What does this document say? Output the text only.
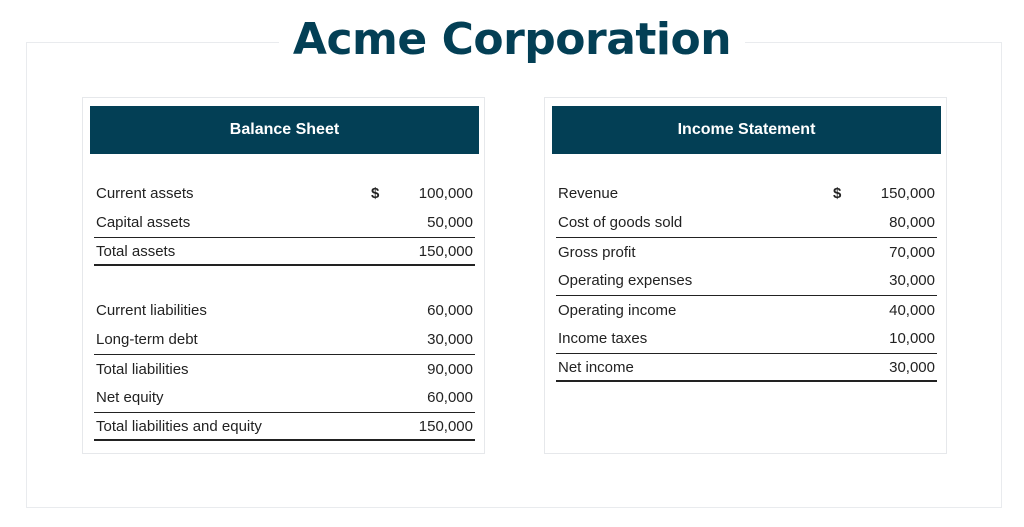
Acme Corporation
Balance Sheet
Current assets	$	100,000
Capital assets	50,000
Total assets	150,000
Current liabilities	60,000
Long-term debt	30,000
Total liabilities	90,000
Net equity	60,000
Total liabilities and equity	150,000
Income Statement
Revenue	$	150,000
Cost of goods sold	80,000
Gross profit	70,000
Operating expenses	30,000
Operating income	40,000
Income taxes	10,000
Net income	30,000
